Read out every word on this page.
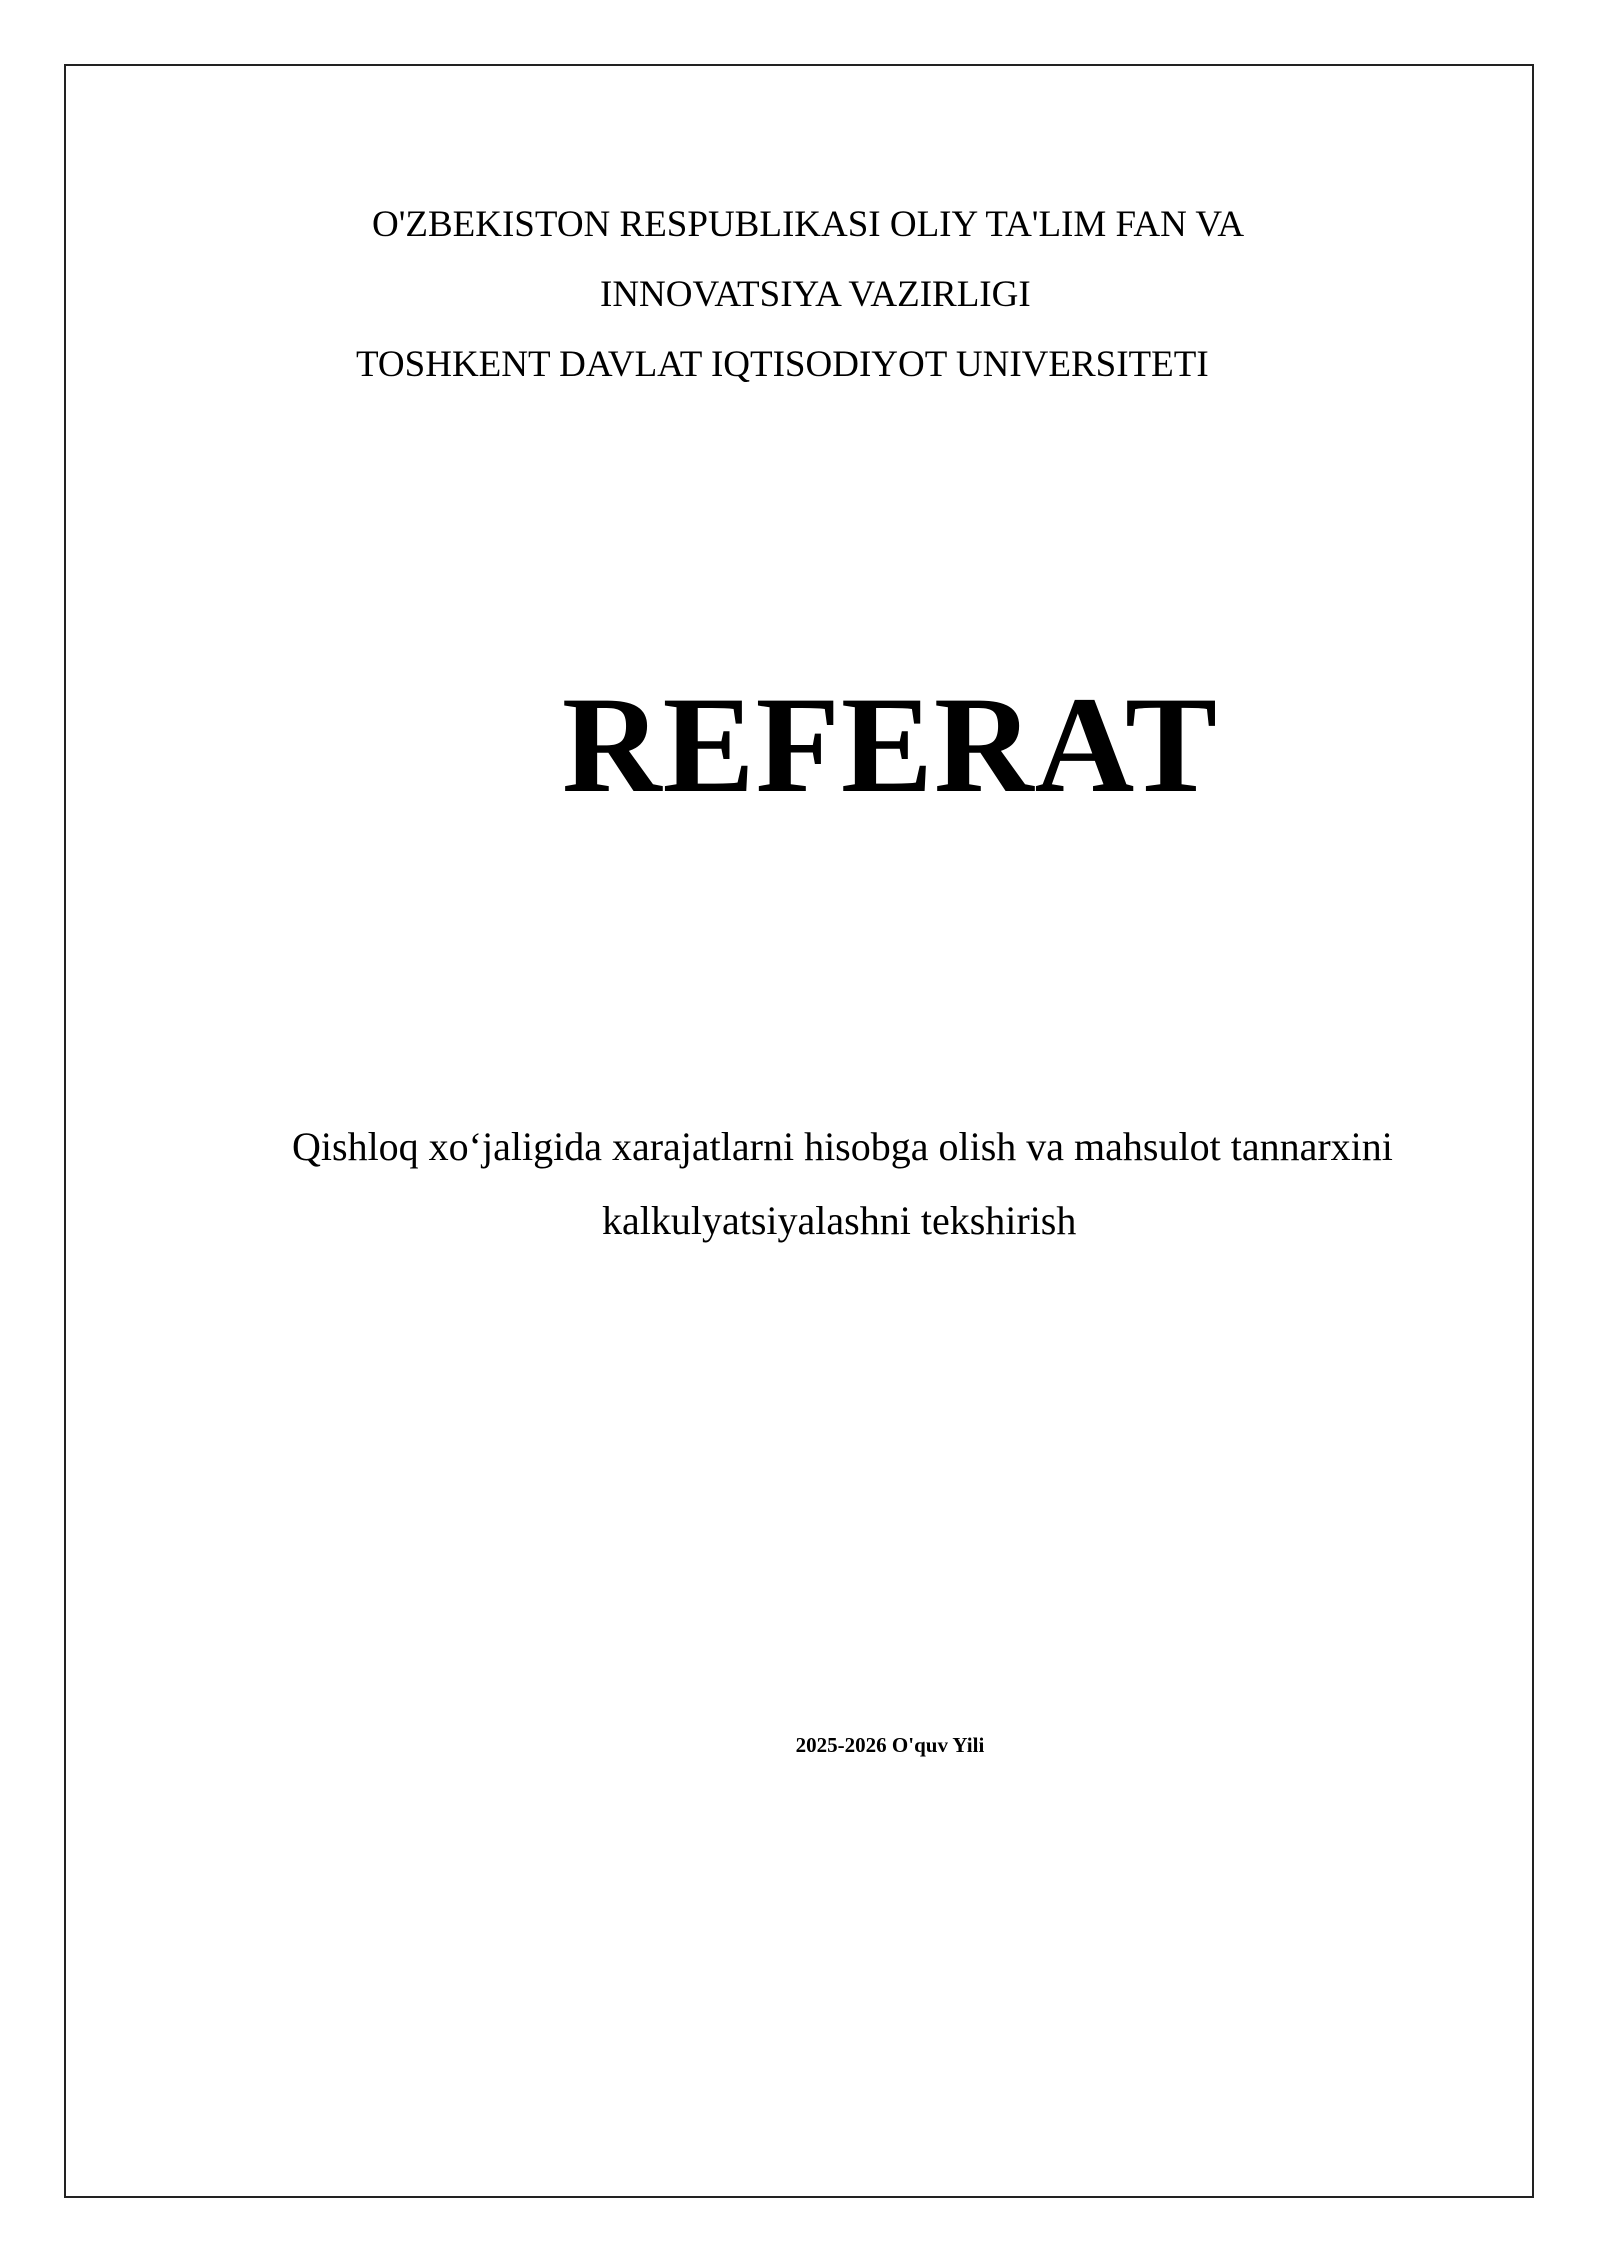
O'ZBEKISTON RESPUBLIKASI OLIY TA'LIM FAN VA
INNOVATSIYA VAZIRLIGI
TOSHKENT DAVLAT IQTISODIYOT UNIVERSITETI
REFERAT
Qishloq xo‘jaligida xarajatlarni hisobga olish va mahsulot tannarxini
kalkulyatsiyalashni tekshirish

2025-2026 O'quv Yili
